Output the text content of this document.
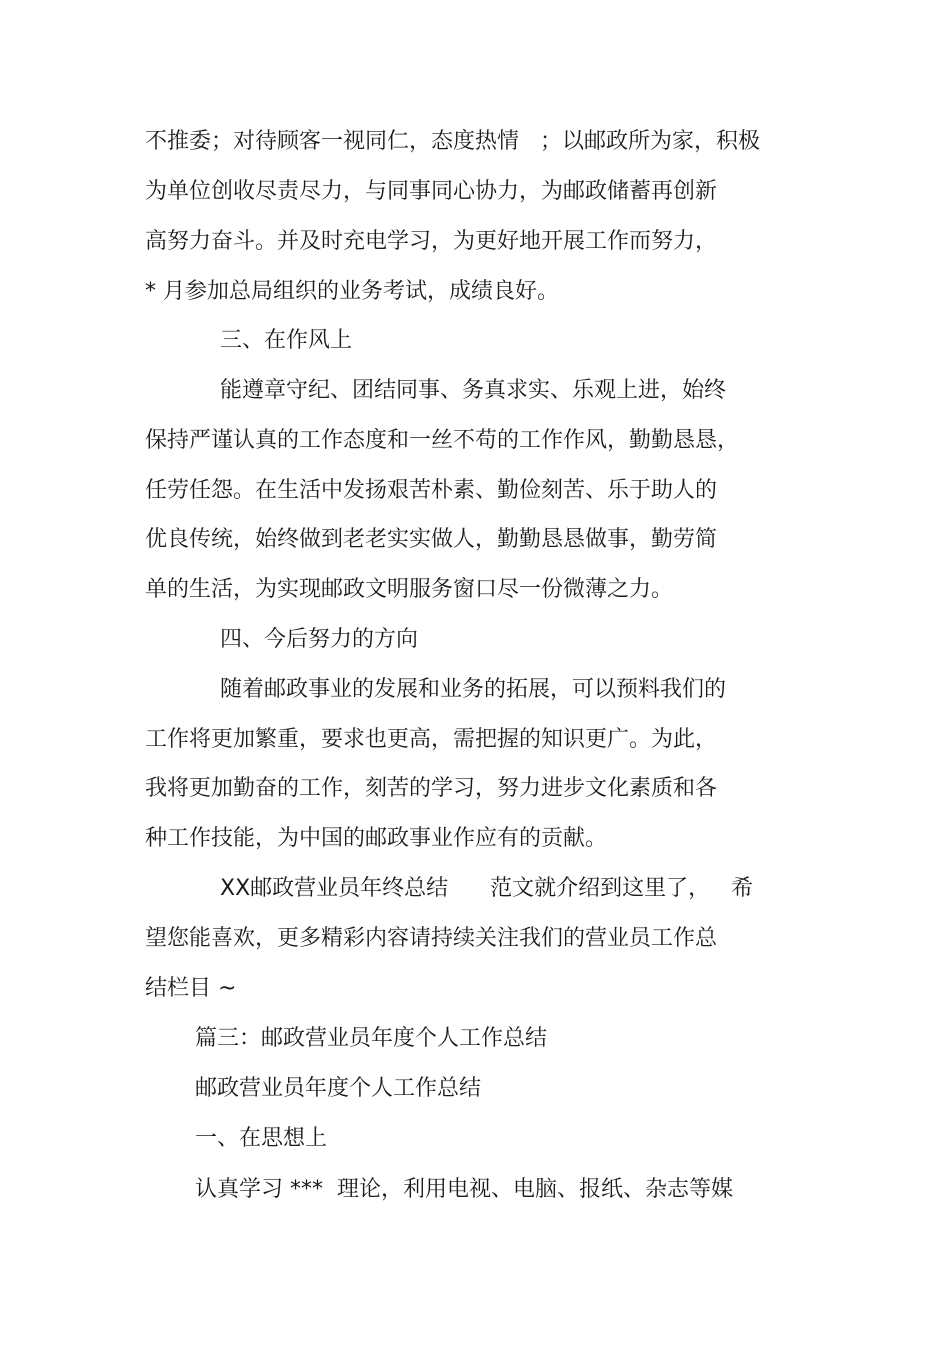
不推委；对待顾客一视同仁，态度热情   ；以邮政所为家，积极
为单位创收尽责尽力，与同事同心协力，为邮政储蓄再创新
高努力奋斗。并及时充电学习，为更好地开展工作而努力，
* 月参加总局组织的业务考试，成绩良好。
三、在作风上
能遵章守纪、团结同事、务真求实、乐观上进，始终
保持严谨认真的工作态度和一丝不苟的工作作风，勤勤恳恳，
任劳任怨。在生活中发扬艰苦朴素、勤俭刻苦、乐于助人的
优良传统，始终做到老老实实做人，勤勤恳恳做事，勤劳简
单的生活，为实现邮政文明服务窗口尽一份微薄之力。
四、今后努力的方向
随着邮政事业的发展和业务的拓展，可以预料我们的
工作将更加繁重，要求也更高，需把握的知识更广。为此，
我将更加勤奋的工作，刻苦的学习，努力进步文化素质和各
种工作技能，为中国的邮政事业作应有的贡献。
XX邮政营业员年终总结      范文就介绍到这里了，   希
望您能喜欢，更多精彩内容请持续关注我们的营业员工作总
结栏目 ~
篇三：邮政营业员年度个人工作总结
邮政营业员年度个人工作总结
一、在思想上
认真学习 ***  理论，利用电视、电脑、报纸、杂志等媒
